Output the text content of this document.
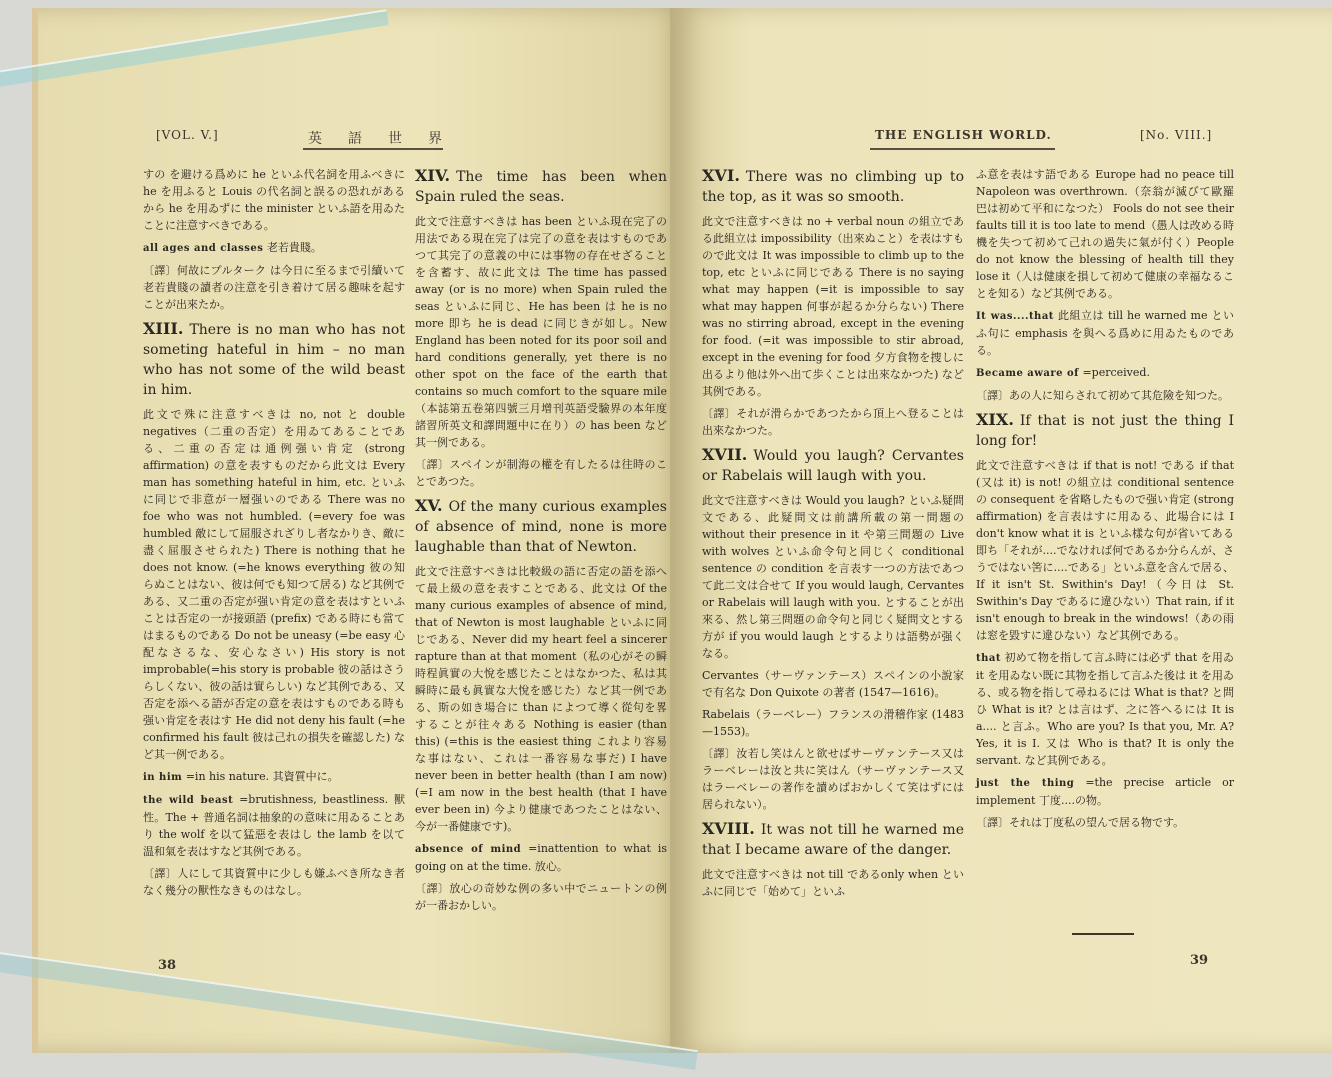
[VOL. V.]	英　語　世　界

すの を避ける爲めに he といふ代名詞を用ふべきに he を用ふると Louis の代名詞と誤るの恐れがあるから he を用ゐずに the minister といふ語を用ゐたことに注意すべきである。

all ages and classes 老若貴賤。

〔譯〕何故にプルターク は今日に至るまで引續いて老若貴賤の讀者の注意を引き着けて居る趣味を起すことが出來たか。

XIII. There is no man who has not someting hateful in him – no man who has not some of the wild beast in him.

此文で殊に注意すべきは no, not と double negatives（二重の否定）を用ゐてあることである、二重の否定は通例强い肯定 (strong affirmation) の意を表すものだから此文は Every man has something hateful in him, etc. といふに同じで非意が一層强いのである There was no foe who was not humbled. (=every foe was humbled 敵にして屈服されざりし者なかりき、敵に盡く屈服させられた) There is nothing that he does not know. (=he knows everything 彼の知らぬことはない、彼は何でも知つて居る) など其例である、又二重の否定が强い肯定の意を表はすといふことは否定の一が接頭語 (prefix) である時にも當てはまるものである Do not be uneasy (=be easy 心配なさるな、安心なさい) His story is not improbable(=his story is probable 彼の話はさうらしくない、彼の話は實らしい) など其例である、又否定を添へる語が否定の意を表はすものである時も强い肯定を表はす He did not deny his fault (=he confirmed his fault 彼は己れの損失を確認した) など其一例である。

in him =in his nature. 其資質中に。

the wild beast =brutishness, beastliness. 獸性。The + 普通名詞は抽象的の意味に用ゐることあり the wolf を以て猛惡を表はし the lamb を以て温和氣を表はすなど其例である。

〔譯〕人にして其資質中に少しも嫌ふべき所なき者なく幾分の獸性なきものはなし。

XIV. The time has been when Spain ruled the seas.

此文で注意すべきは has been といふ現在完了の用法である現在完了は完了の意を表はすものであつて其完了の意義の中には事物の存在せざることを含蓄す、故に此文は The time has passed away (or is no more) when Spain ruled the seas といふに同じ、He has been は he is no more 即ち he is dead に同じきが如し。New England has been noted for its poor soil and hard conditions generally, yet there is no other spot on the face of the earth that contains so much comfort to the square mile（本誌第五卷第四號三月增刊英語受驗界の本年度諸習所英文和譯問題中に在り）の has been など其一例である。

〔譯〕スペインが制海の權を有したるは往時のことであつた。

XV. Of the many curious examples of absence of mind, none is more laughable than that of Newton.

此文で注意すべきは比較級の語に否定の語を添へて最上級の意を表すことである、此文は Of the many curious examples of absence of mind, that of Newton is most laughable といふに同じである、Never did my heart feel a sincerer rapture than at that moment（私の心がその瞬時程眞實の大悅を感じたことはなかつた、私は其瞬時に最も眞實な大悅を感じた）など其一例である、斯の如き場合に than によつて導く從句を畧することが往々ある Nothing is easier (than this) (=this is the easiest thing これより容易な事はない、これは一番容易な事だ) I have never been in better health (than I am now) (=I am now in the best health (that I have ever been in) 今より健康であつたことはない、今が一番健康です)。

absence of mind =inattention to what is going on at the time. 放心。

〔譯〕放心の奇妙な例の多い中でニュートンの例が一番おかしい。

38
THE ENGLISH WORLD.	[No. VIII.]
XVI. There was no climbing up to the top, as it was so smooth.

此文で注意すべきは no + verbal noun の組立である此組立は impossibility（出來ぬこと）を表はすもので此文は It was impossible to climb up to the top, etc といふに同じである There is no saying what may happen (=it is impossible to say what may happen 何事が起るか分らない) There was no stirring abroad, except in the evening for food. (=it was impossible to stir abroad, except in the evening for food 夕方食物を捜しに出るより他は外へ出て歩くことは出來なかつた) など其例である。

〔譯〕それが滑らかであつたから頂上へ登ることは出來なかつた。

XVII. Would you laugh? Cervantes or Rabelais will laugh with you.

此文で注意すべきは Would you laugh? といふ疑問文である、此疑問文は前講所載の第一問題の without their presence in it や第三問題の Live with wolves といふ命令句と同じく conditional sentence の condition を言表す一つの方法であつて此二文は合せて If you would laugh, Cervantes or Rabelais will laugh with you. とすることが出來る、然し第三問題の命令句と同じく疑問文とする方が if you would laugh とするよりは語勢が强くなる。

Cervantes（サーヴァンテース）スペインの小說家で有名な Don Quixote の著者 (1547—1616)。

Rabelais（ラーベレー）フランスの滑稽作家 (1483—1553)。

〔譯〕汝若し笑はんと欲せばサーヴァンテース又はラーベレーは汝と共に笑はん（サーヴァンテース又はラーベレーの著作を讀めばおかしくて笑はずには居られない）。

XVIII. It was not till he warned me that I became aware of the danger.

此文で注意すべきは not till であるonly when といふに同じで「始めて」といふ

ふ意を表はす語である Europe had no peace till Napoleon was overthrown.（奈翁が滅びて歐羅巴は初めて平和になつた） Fools do not see their faults till it is too late to mend（愚人は改める時機を失つて初めて己れの過失に氣が付く）People do not know the blessing of health till they lose it（人は健康を損して初めて健康の幸福なることを知る）など其例である。

It was....that 此組立は till he warned me といふ句に emphasis を與へる爲めに用ゐたものである。

Became aware of =perceived.

〔譯〕あの人に知らされて初めて其危險を知つた。

XIX. If that is not just the thing I long for!

此文で注意すべきは if that is not! である if that (又は it) is not! の組立は conditional sentence の consequent を省略したもので强い肯定 (strong affirmation) を言表はすに用ゐる、此場合には I don't know what it is といふ樣な句が省いてある即ち「それが....でなければ何であるか分らんが、さうではない筈に....である」といふ意を含んで居る、If it isn't St. Swithin's Day!（今日は St. Swithin's Day であるに違ひない）That rain, if it isn't enough to break in the windows!（あの雨は窓を毀すに違ひない）など其例である。

that 初めて物を指して言ふ時には必ず that を用ゐ it を用ゐない既に其物を指して言ふた後は it を用ゐる、或る物を指して尋ねるには What is that? と問ひ What is it? とは言はず、之に答へるには It is a.... と言ふ。Who are you? Is that you, Mr. A? Yes, it is I. 又は Who is that? It is only the servant. など其例である。

just the thing =the precise article or implement 丁度....の物。

〔譯〕それは丁度私の望んで居る物です。

39
